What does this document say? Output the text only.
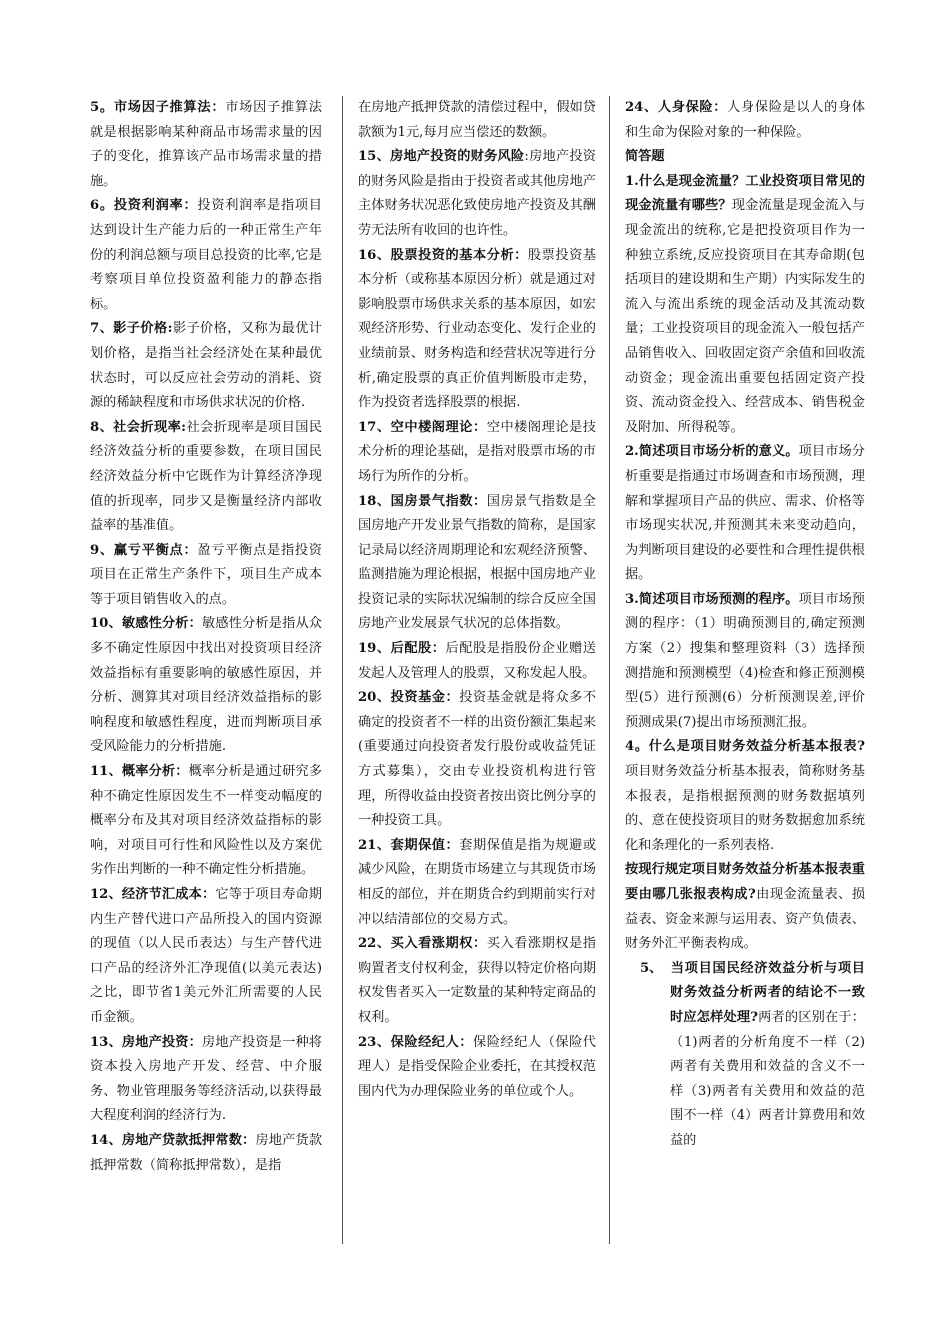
5。市场因子推算法：市场因子推算法就是根据影响某种商品市场需求量的因子的变化，推算该产品市场需求量的措施。

6。投资利润率：投资利润率是指项目达到设计生产能力后的一种正常生产年份的利润总额与项目总投资的比率,它是考察项目单位投资盈利能力的静态指标。

7、影子价格:影子价格，又称为最优计划价格，是指当社会经济处在某种最优状态时，可以反应社会劳动的消耗、资源的稀缺程度和市场供求状况的价格.

8、社会折现率:社会折现率是项目国民经济效益分析的重要参数，在项目国民经济效益分析中它既作为计算经济净现值的折现率，同步又是衡量经济内部收益率的基准值。

9、赢亏平衡点：盈亏平衡点是指投资项目在正常生产条件下，项目生产成本等于项目销售收入的点。

10、敏感性分析：敏感性分析是指从众多不确定性原因中找出对投资项目经济效益指标有重要影响的敏感性原因，并分析、测算其对项目经济效益指标的影响程度和敏感性程度，进而判断项目承受风险能力的分析措施.

11、概率分析：概率分析是通过研究多种不确定性原因发生不一样变动幅度的概率分布及其对项目经济效益指标的影响，对项目可行性和风险性以及方案优劣作出判断的一种不确定性分析措施。

12、经济节汇成本：它等于项目寿命期内生产替代进口产品所投入的国内资源的现值（以人民币表达）与生产替代进口产品的经济外汇净现值(以美元表达)之比，即节省1美元外汇所需要的人民币金额。

13、房地产投资：房地产投资是一种将资本投入房地产开发、经营、中介服务、物业管理服务等经济活动,以获得最大程度利润的经济行为.

14、房地产贷款抵押常数：房地产货款抵押常数（简称抵押常数），是指

在房地产抵押贷款的清偿过程中，假如贷款额为1元,每月应当偿还的数额。

15、房地产投资的财务风险:房地产投资的财务风险是指由于投资者或其他房地产主体财务状况恶化致使房地产投资及其酬劳无法所有收回的也许性。

16、股票投资的基本分析：股票投资基本分析（或称基本原因分析）就是通过对影响股票市场供求关系的基本原因，如宏观经济形势、行业动态变化、发行企业的业绩前景、财务构造和经营状况等进行分析,确定股票的真正价值判断股市走势，作为投资者选择股票的根据.

17、空中楼阁理论：空中楼阁理论是技术分析的理论基础，是指对股票市场的市场行为所作的分析。

18、国房景气指数：国房景气指数是全国房地产开发业景气指数的简称，是国家记录局以经济周期理论和宏观经济预警、监测措施为理论根据，根据中国房地产业投资记录的实际状况编制的综合反应全国房地产业发展景气状况的总体指数。

19、后配股：后配股是指股份企业赠送发起人及管理人的股票，又称发起人股。

20、投资基金：投资基金就是将众多不确定的投资者不一样的出资份额汇集起来(重要通过向投资者发行股份或收益凭证方式募集），交由专业投资机构进行管理，所得收益由投资者按出资比例分享的一种投资工具。

21、套期保值：套期保值是指为规避或减少风险，在期货市场建立与其现货市场相反的部位，并在期货合约到期前实行对冲以结清部位的交易方式。

22、买入看涨期权：买入看涨期权是指购置者支付权利金，获得以特定价格向期权发售者买入一定数量的某种特定商品的权利。

23、保险经纪人：保险经纪人（保险代理人）是指受保险企业委托，在其授权范围内代为办理保险业务的单位或个人。

24、人身保险：人身保险是以人的身体和生命为保险对象的一种保险。

简答题

1.什么是现金流量？工业投资项目常见的现金流量有哪些？现金流量是现金流入与现金流出的统称,它是把投资项目作为一种独立系统,反应投资项目在其寿命期(包括项目的建设期和生产期）内实际发生的流入与流出系统的现金活动及其流动数量；工业投资项目的现金流入一般包括产品销售收入、回收固定资产余值和回收流动资金；现金流出重要包括固定资产投资、流动资金投入、经营成本、销售税金及附加、所得税等。

2.简述项目市场分析的意义。项目市场分析重要是指通过市场调查和市场预测，理解和掌握项目产品的供应、需求、价格等市场现实状况,并预测其未来变动趋向，为判断项目建设的必要性和合理性提供根据。

3.简述项目市场预测的程序。项目市场预测的程序：（1）明确预测目的,确定预测方案（2）搜集和整理资料（3）选择预测措施和预测模型（4)检查和修正预测模型(5）进行预测(6）分析预测误差,评价预测成果(7)提出市场预测汇报。

4。什么是项目财务效益分析基本报表?项目财务效益分析基本报表，简称财务基本报表，是指根据预测的财务数据填列的、意在使投资项目的财务数据愈加系统化和条理化的一系列表格.

按现行规定项目财务效益分析基本报表重要由哪几张报表构成?由现金流量表、损益表、资金来源与运用表、资产负债表、财务外汇平衡表构成。

5、 当项目国民经济效益分析与项目财务效益分析两者的结论不一致时应怎样处理?两者的区别在于：（1)两者的分析角度不一样（2)两者有关费用和效益的含义不一样（3)两者有关费用和效益的范围不一样（4）两者计算费用和效益的
